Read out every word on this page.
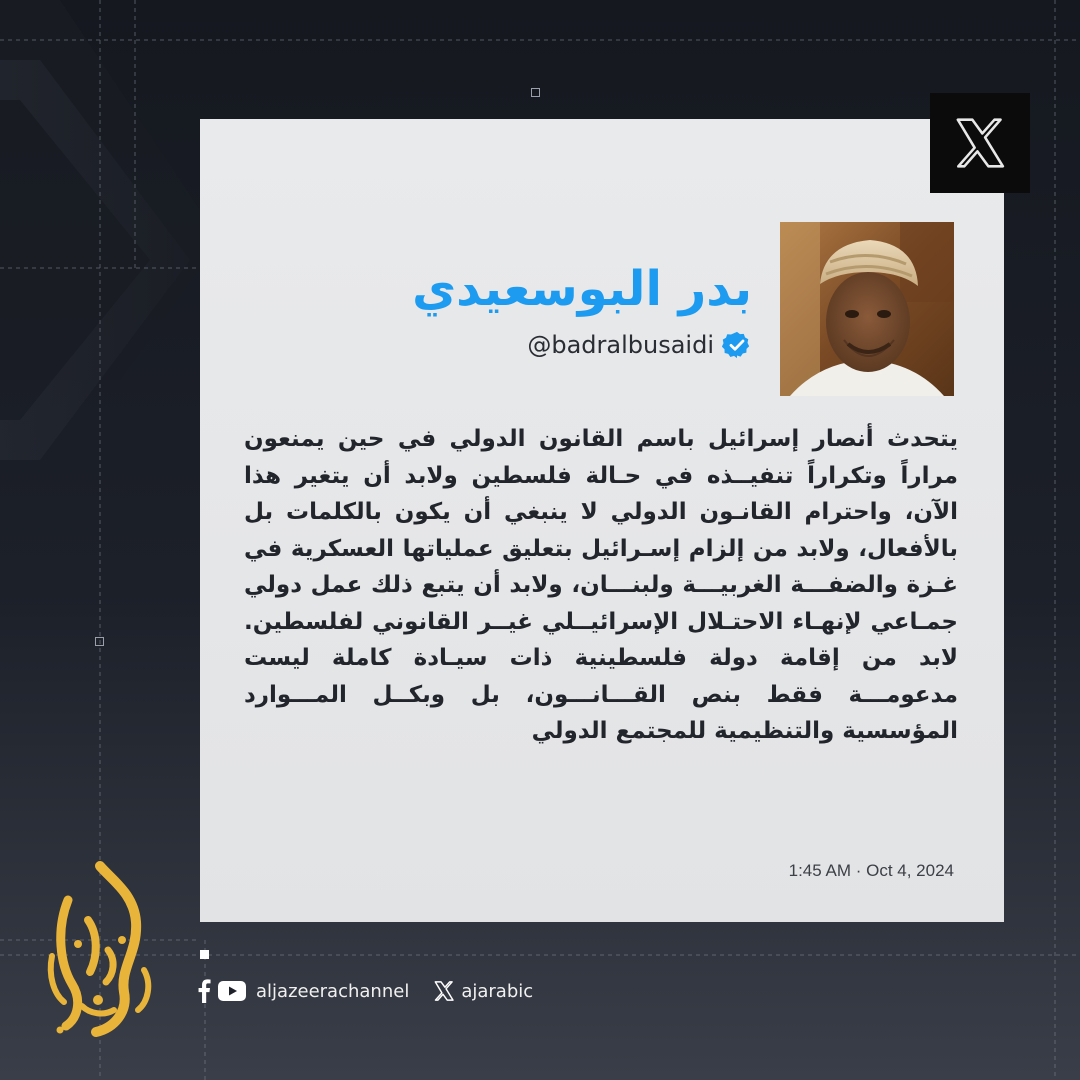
بدر البوسعيدي
@badralbusaidi
يتحدث أنصار إسرائيل باسم القانون الدولي في حين يمنعون مراراً وتكراراً تنفيــذه في حـالة فلسطين ولابد أن يتغير هذا الآن، واحترام القانـون الدولي لا ينبغي أن يكون بالكلمات بل بالأفعال، ولابد من إلزام إسـرائيل بتعليق عملياتها العسكرية في غـزة والضفـــة الغربيـــة ولبنـــان، ولابد أن يتبع ذلك عمل دولي جمـاعي لإنهـاء الاحتـلال الإسرائيــلي غيــر القانوني لفلسطين. لابد من إقامة دولة فلسطينية ذات سيـادة كاملة ليست مدعومـــة فقط بنص القـــانـــون، بل وبكــل المـــوارد المؤسسية والتنظيمية للمجتمع الدولي
1:45 AM · Oct 4, 2024
aljazeerachannel	ajarabic
